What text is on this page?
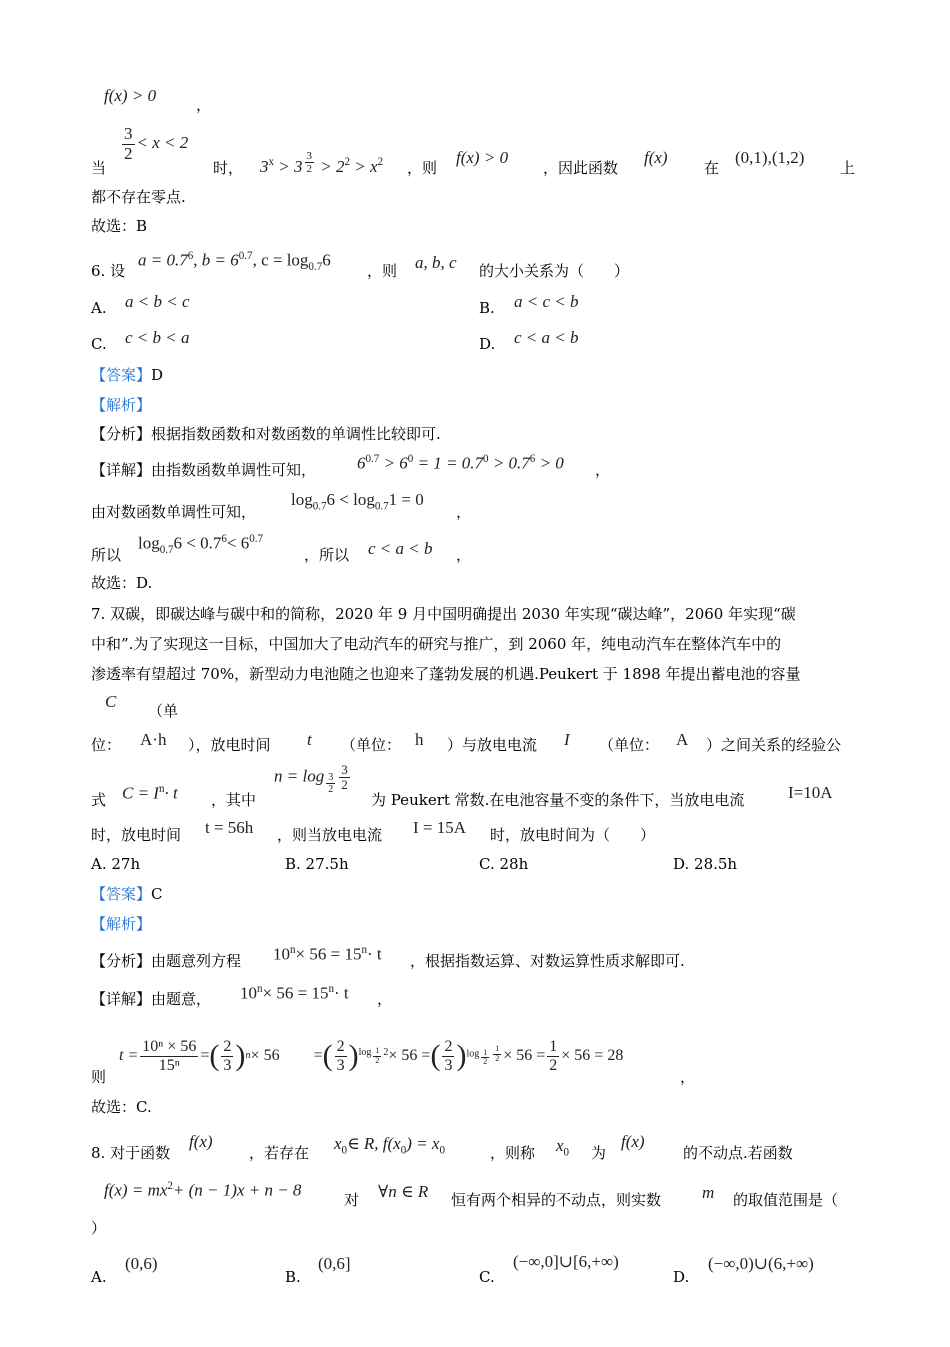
f(x) > 0	，
当
$\frac{3}{2} < x < 2$
时， $3^x > 3$ $^{\frac{3}{2}} > 2^2 > x^2$ ，则
f(x) > 0
，因此函数
f(x)
在
(0,1),(1,2)
上
都不存在零点.
故选：B
6. 设
$a = 0.7^6$, $b = 6^{0.7}$, $c = \log_{0.7}6$
，则 a, b, c 的大小关系为（　　）
A. a < b < c	B. a < c < b
C. c < b < a	D. c < a < b
【答案】D
【解析】
【分析】根据指数函数和对数函数的单调性比较即可.
【详解】由指数函数单调性可知， $6^{0.7} > 6^0 = 1 = 0.7^0 > 0.7^6 > 0$ ，
由对数函数单调性可知，
$\log_{0.7}6 < \log_{0.7}1 = 0$
，
所以
$\log_{0.7}6 < 0.7^6< 6^{0.7}$
，所以 c < a < b ，
故选：D.
7. 双碳，即碳达峰与碳中和的简称，2020 年 9 月中国明确提出 2030 年实现“碳达峰”，2060 年实现“碳
中和”.为了实现这一目标，中国加大了电动汽车的研究与推广，到 2060 年，纯电动汽车在整体汽车中的
渗透率有望超过 70%，新型动力电池随之也迎来了蓬勃发展的机遇.Peukert 于 1898 年提出蓄电池的容量
C （单
位： A·h ），放电时间 t （单位： h ）与放电电流 I （单位： A ）之间关系的经验公
式 $C = I^n\cdot t$ ，其中
$n = \log _{\frac{3}{2}} \frac{3}{2}$
为 Peukert 常数.在电池容量不变的条件下，当放电电流	I=10A
时，放电时间 t = 56h ，则当放电电流 I = 15A 时，放电时间为（　　）
A. 27h	B. 27.5h	C. 28h	D. 28.5h
【答案】C
【解析】
【分析】由题意列方程 $10^n\times 56 = 15^n\cdot t$ ，根据指数运算、对数运算性质求解即可.
【详解】由题意， $10^n\times 56 = 15^n\cdot t$ ，
则
$t = \frac{\text{10ⁿ × 56}}{\text{15ⁿ}}$ = ( $\frac{2}{3}$ ) n × 56 = ( $\frac{2}{3}$ ) log $_{\frac{1}{2}}$ 2 × 56 = ( $\frac{2}{3}$ ) $\log _{\frac{1}{2}} \frac{1}{2} \times 56 = \frac{1}{2} \times 56 = 28$
，
故选：C.
8. 对于函数
f(x)
，若存在 $x_0\in$ R, $f(x_0) = x_0$	，则称 $x_0$ 为
f(x)
的不动点.若函数
$f(x) = mx^2+ (n - 1)x + n - 8$
对 ∀n ∈ R 恒有两个相异的不动点，则实数 m 的取值范围是（
）
A.
(0,6)
B.
(0,6]
C.
(−∞,0]∪[6,+∞)
D.
(−∞,0)∪(6,+∞)
